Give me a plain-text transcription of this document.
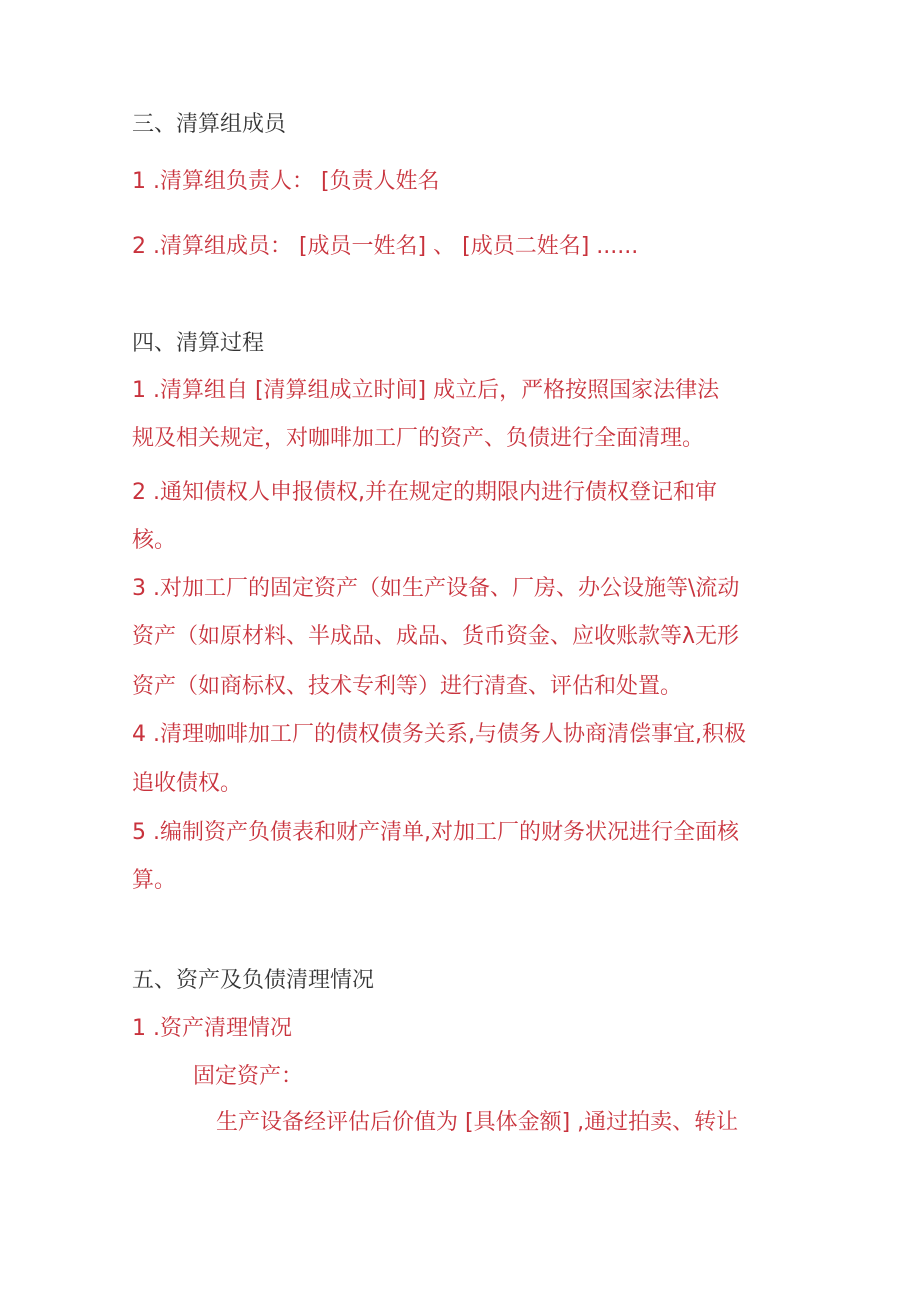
三、清算组成员
1 .清算组负责人： [负责人姓名
2 .清算组成员： [成员一姓名] 、 [成员二姓名] ......
四、清算过程
1 .清算组自 [清算组成立时间] 成立后，严格按照国家法律法
规及相关规定，对咖啡加工厂的资产、负债进行全面清理。
2 .通知债权人申报债权,并在规定的期限内进行债权登记和审
核。
3 .对加工厂的固定资产（如生产设备、厂房、办公设施等\流动
资产（如原材料、半成品、成品、货币资金、应收账款等λ无形
资产（如商标权、技术专利等）进行清查、评估和处置。
4 .清理咖啡加工厂的债权债务关系,与债务人协商清偿事宜,积极
追收债权。
5 .编制资产负债表和财产清单,对加工厂的财务状况进行全面核
算。
五、资产及负债清理情况
1 .资产清理情况
固定资产：
生产设备经评估后价值为 [具体金额] ,通过拍卖、转让
